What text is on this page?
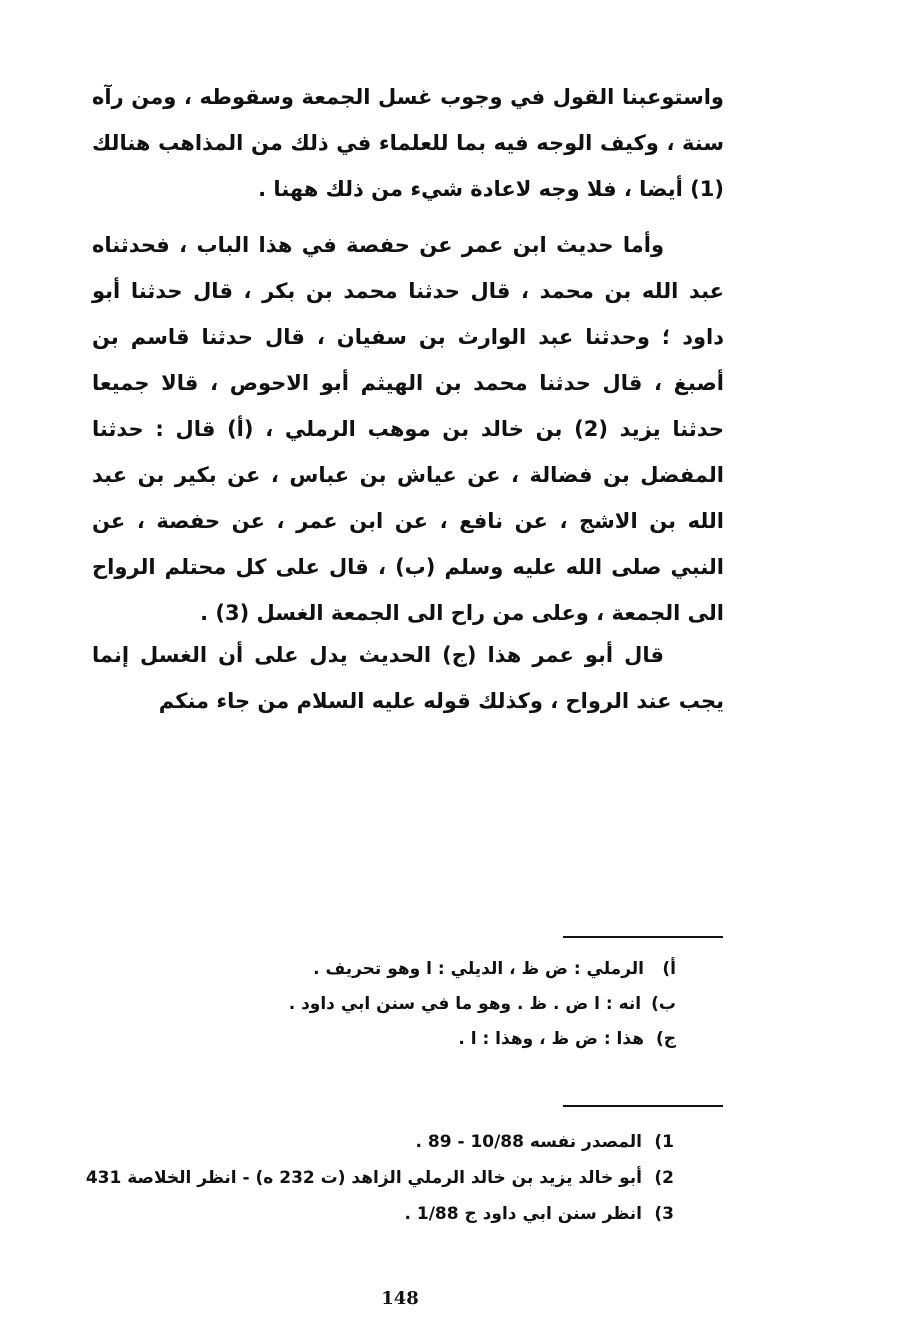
واستوعبنا القول في وجوب غسل الجمعة وسقوطه ، ومن رآه سنة ، وكيف الوجه فيه بما للعلماء في ذلك من المذاهب هنالك (1) أيضا ، فلا وجه لاعادة شيء من ذلك ههنا .

وأما حديث ابن عمر عن حفصة في هذا الباب ، فحدثناه عبد الله بن محمد ، قال حدثنا محمد بن بكر ، قال حدثنا أبو داود ؛ وحدثنا عبد الوارث بن سفيان ، قال حدثنا قاسم بن أصبغ ، قال حدثنا محمد بن الهيثم أبو الاحوص ، قالا جميعا حدثنا يزيد (2) بن خالد بن موهب الرملي ، (أ) قال : حدثنا المفضل بن فضالة ، عن عياش بن عباس ، عن بكير بن عبد الله بن الاشج ، عن نافع ، عن ابن عمر ، عن حفصة ، عن النبي صلى الله عليه وسلم (ب) ، قال على كل محتلم الرواح الى الجمعة ، وعلى من راح الى الجمعة الغسل (3) .

قال أبو عمر هذا (ج) الحديث يدل على أن الغسل إنما يجب عند الرواح ، وكذلك قوله عليه السلام من جاء منكم

أ)الرملي : ض ظ ، الديلي : ا وهو تحريف .
ب)انه : ا ض . ظ . وهو ما في سنن ابي داود .
ج)هذا : ض ظ ، وهذا : ا .
1)المصدر نفسه 10/88 - 89 .
2)أبو خالد يزيد بن خالد الرملي الزاهد (ت 232 ه) - انظر الخلاصة 431
3)انظر سنن ابي داود ج 1/88 .
148
